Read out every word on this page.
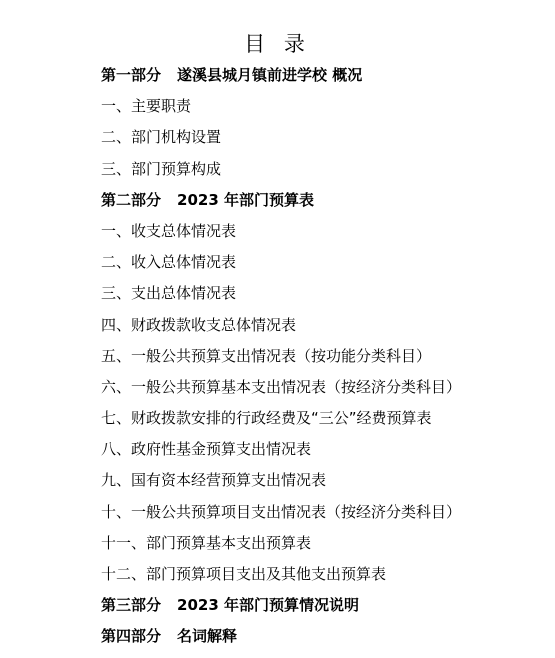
目 录
第一部分 遂溪县城月镇前进学校 概况
一、主要职责
二、部门机构设置
三、部门预算构成
第二部分 2023 年部门预算表
一、收支总体情况表
二、收入总体情况表
三、支出总体情况表
四、财政拨款收支总体情况表
五、一般公共预算支出情况表（按功能分类科目）
六、一般公共预算基本支出情况表（按经济分类科目）
七、财政拨款安排的行政经费及“三公”经费预算表
八、政府性基金预算支出情况表
九、国有资本经营预算支出情况表
十、一般公共预算项目支出情况表（按经济分类科目）
十一、部门预算基本支出预算表
十二、部门预算项目支出及其他支出预算表
第三部分 2023 年部门预算情况说明
第四部分 名词解释
